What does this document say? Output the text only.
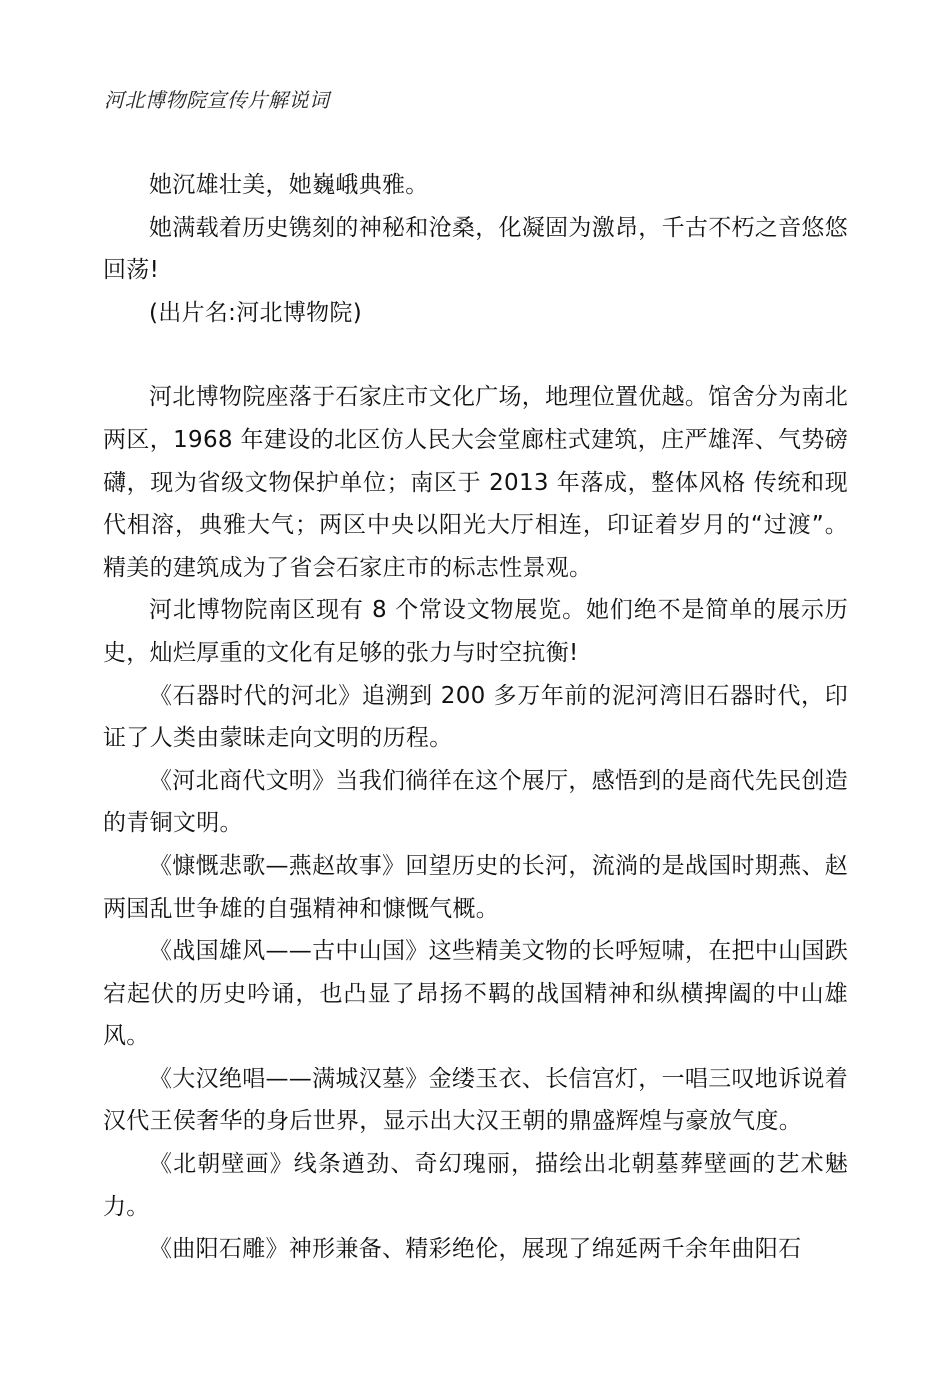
河北博物院宣传片解说词

她沉雄壮美，她巍峨典雅。

她满载着历史镌刻的神秘和沧桑，化凝固为激昂，千古不朽之音悠悠回荡!

(出片名:河北博物院)

河北博物院座落于石家庄市文化广场，地理位置优越。馆舍分为南北两区，1968 年建设的北区仿人民大会堂廊柱式建筑，庄严雄浑、气势磅礴，现为省级文物保护单位；南区于 2013 年落成，整体风格 传统和现代相溶，典雅大气；两区中央以阳光大厅相连，印证着岁月的“过渡”。精美的建筑成为了省会石家庄市的标志性景观。

河北博物院南区现有 8 个常设文物展览。她们绝不是简单的展示历史，灿烂厚重的文化有足够的张力与时空抗衡!

《石器时代的河北》追溯到 200 多万年前的泥河湾旧石器时代，印证了人类由蒙昧走向文明的历程。

《河北商代文明》当我们徜徉在这个展厅，感悟到的是商代先民创造的青铜文明。

《慷慨悲歌—燕赵故事》回望历史的长河，流淌的是战国时期燕、赵两国乱世争雄的自强精神和慷慨气概。

《战国雄风——古中山国》这些精美文物的长呼短啸，在把中山国跌宕起伏的历史吟诵，也凸显了昂扬不羁的战国精神和纵横捭阖的中山雄风。

《大汉绝唱——满城汉墓》金缕玉衣、长信宫灯，一唱三叹地诉说着汉代王侯奢华的身后世界，显示出大汉王朝的鼎盛辉煌与豪放气度。

《北朝壁画》线条遒劲、奇幻瑰丽，描绘出北朝墓葬壁画的艺术魅力。

《曲阳石雕》神形兼备、精彩绝伦，展现了绵延两千余年曲阳石
